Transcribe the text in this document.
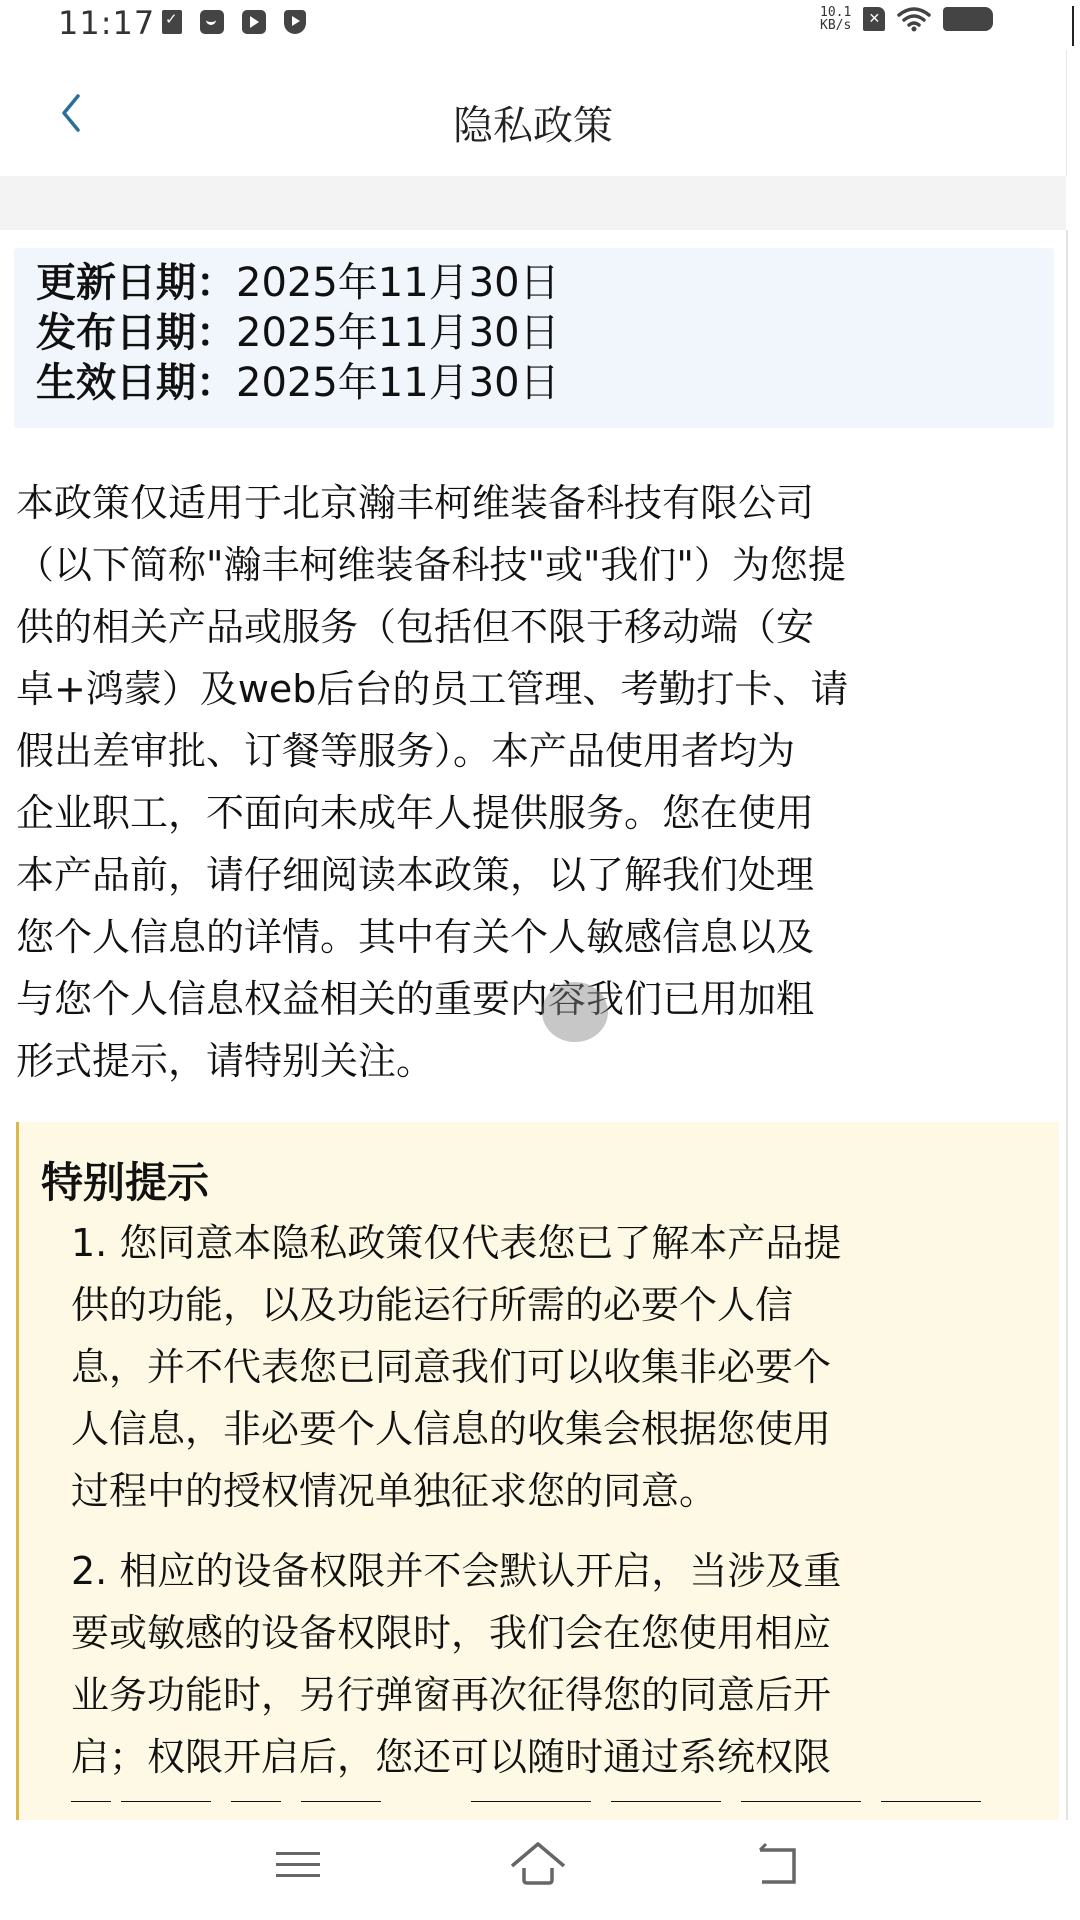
11:17 ✓	10.1
KB/s	✕
隐私政策
更新日期：2025年11月30日
发布日期：2025年11月30日
生效日期：2025年11月30日
本政策仅适用于北京瀚丰柯维装备科技有限公司
（以下简称"瀚丰柯维装备科技"或"我们"）为您提
供的相关产品或服务（包括但不限于移动端（安
卓+鸿蒙）及web后台的员工管理、考勤打卡、请
假出差审批、订餐等服务）。本产品使用者均为
企业职工，不面向未成年人提供服务。您在使用
本产品前，请仔细阅读本政策，以了解我们处理
您个人信息的详情。其中有关个人敏感信息以及
与您个人信息权益相关的重要内容我们已用加粗
形式提示，请特别关注。
特别提示
1. 您同意本隐私政策仅代表您已了解本产品提
供的功能，以及功能运行所需的必要个人信
息，并不代表您已同意我们可以收集非必要个
人信息，非必要个人信息的收集会根据您使用
过程中的授权情况单独征求您的同意。
2. 相应的设备权限并不会默认开启，当涉及重
要或敏感的设备权限时，我们会在您使用相应
业务功能时，另行弹窗再次征得您的同意后开
启；权限开启后，您还可以随时通过系统权限
